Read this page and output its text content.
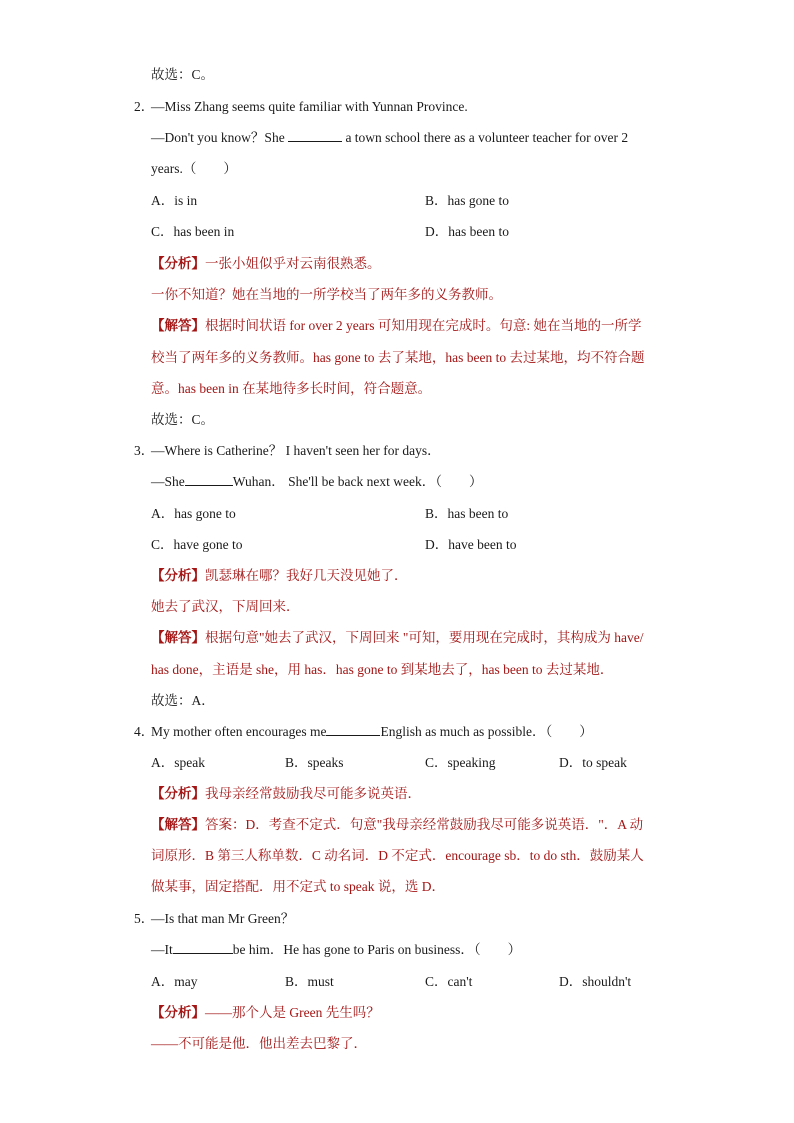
故选：C。
2．
—Miss Zhang seems quite familiar with Yunnan Province.
—Don't you know？She	a town school there as a volunteer teacher for over 2
years.（　　）
A．is in	B．has gone to
C．has been in	D．has been to
【分析】一张小姐似乎对云南很熟悉。
一你不知道？她在当地的一所学校当了两年多的义务教师。
【解答】根据时间状语 for over 2 years 可知用现在完成时。句意: 她在当地的一所学
校当了两年多的义务教师。has gone to 去了某地，has been to 去过某地，均不符合题
意。has been in 在某地待多长时间，符合题意。
故选：C。
3．
—Where is Catherine？ I haven't seen her for days．
—She	Wuhan． She'll be back next week．（　　）
A．has gone to	B．has been to
C．have gone to	D．have been to
【分析】凯瑟琳在哪？我好几天没见她了．
她去了武汉，下周回来．
【解答】根据句意"她去了武汉，下周回来 "可知，要用现在完成时，其构成为 have/
has done，主语是 she，用 has．has gone to 到某地去了，has been to 去过某地．
故选：A．
4．
My mother often encourages me	English as much as possible．（　　）
A．speak	B．speaks	C．speaking	D．to speak
【分析】我母亲经常鼓励我尽可能多说英语．
【解答】答案：D．考查不定式．句意"我母亲经常鼓励我尽可能多说英语．"．A 动
词原形．B 第三人称单数．C 动名词．D 不定式．encourage sb．to do sth．鼓励某人
做某事，固定搭配．用不定式 to speak 说，选 D．
5．
—Is that man Mr Green？
—It	be him．He has gone to Paris on business．（　　）
A．may	B．must	C．can't	D．shouldn't
【分析】——那个人是 Green 先生吗？
——不可能是他．他出差去巴黎了．
